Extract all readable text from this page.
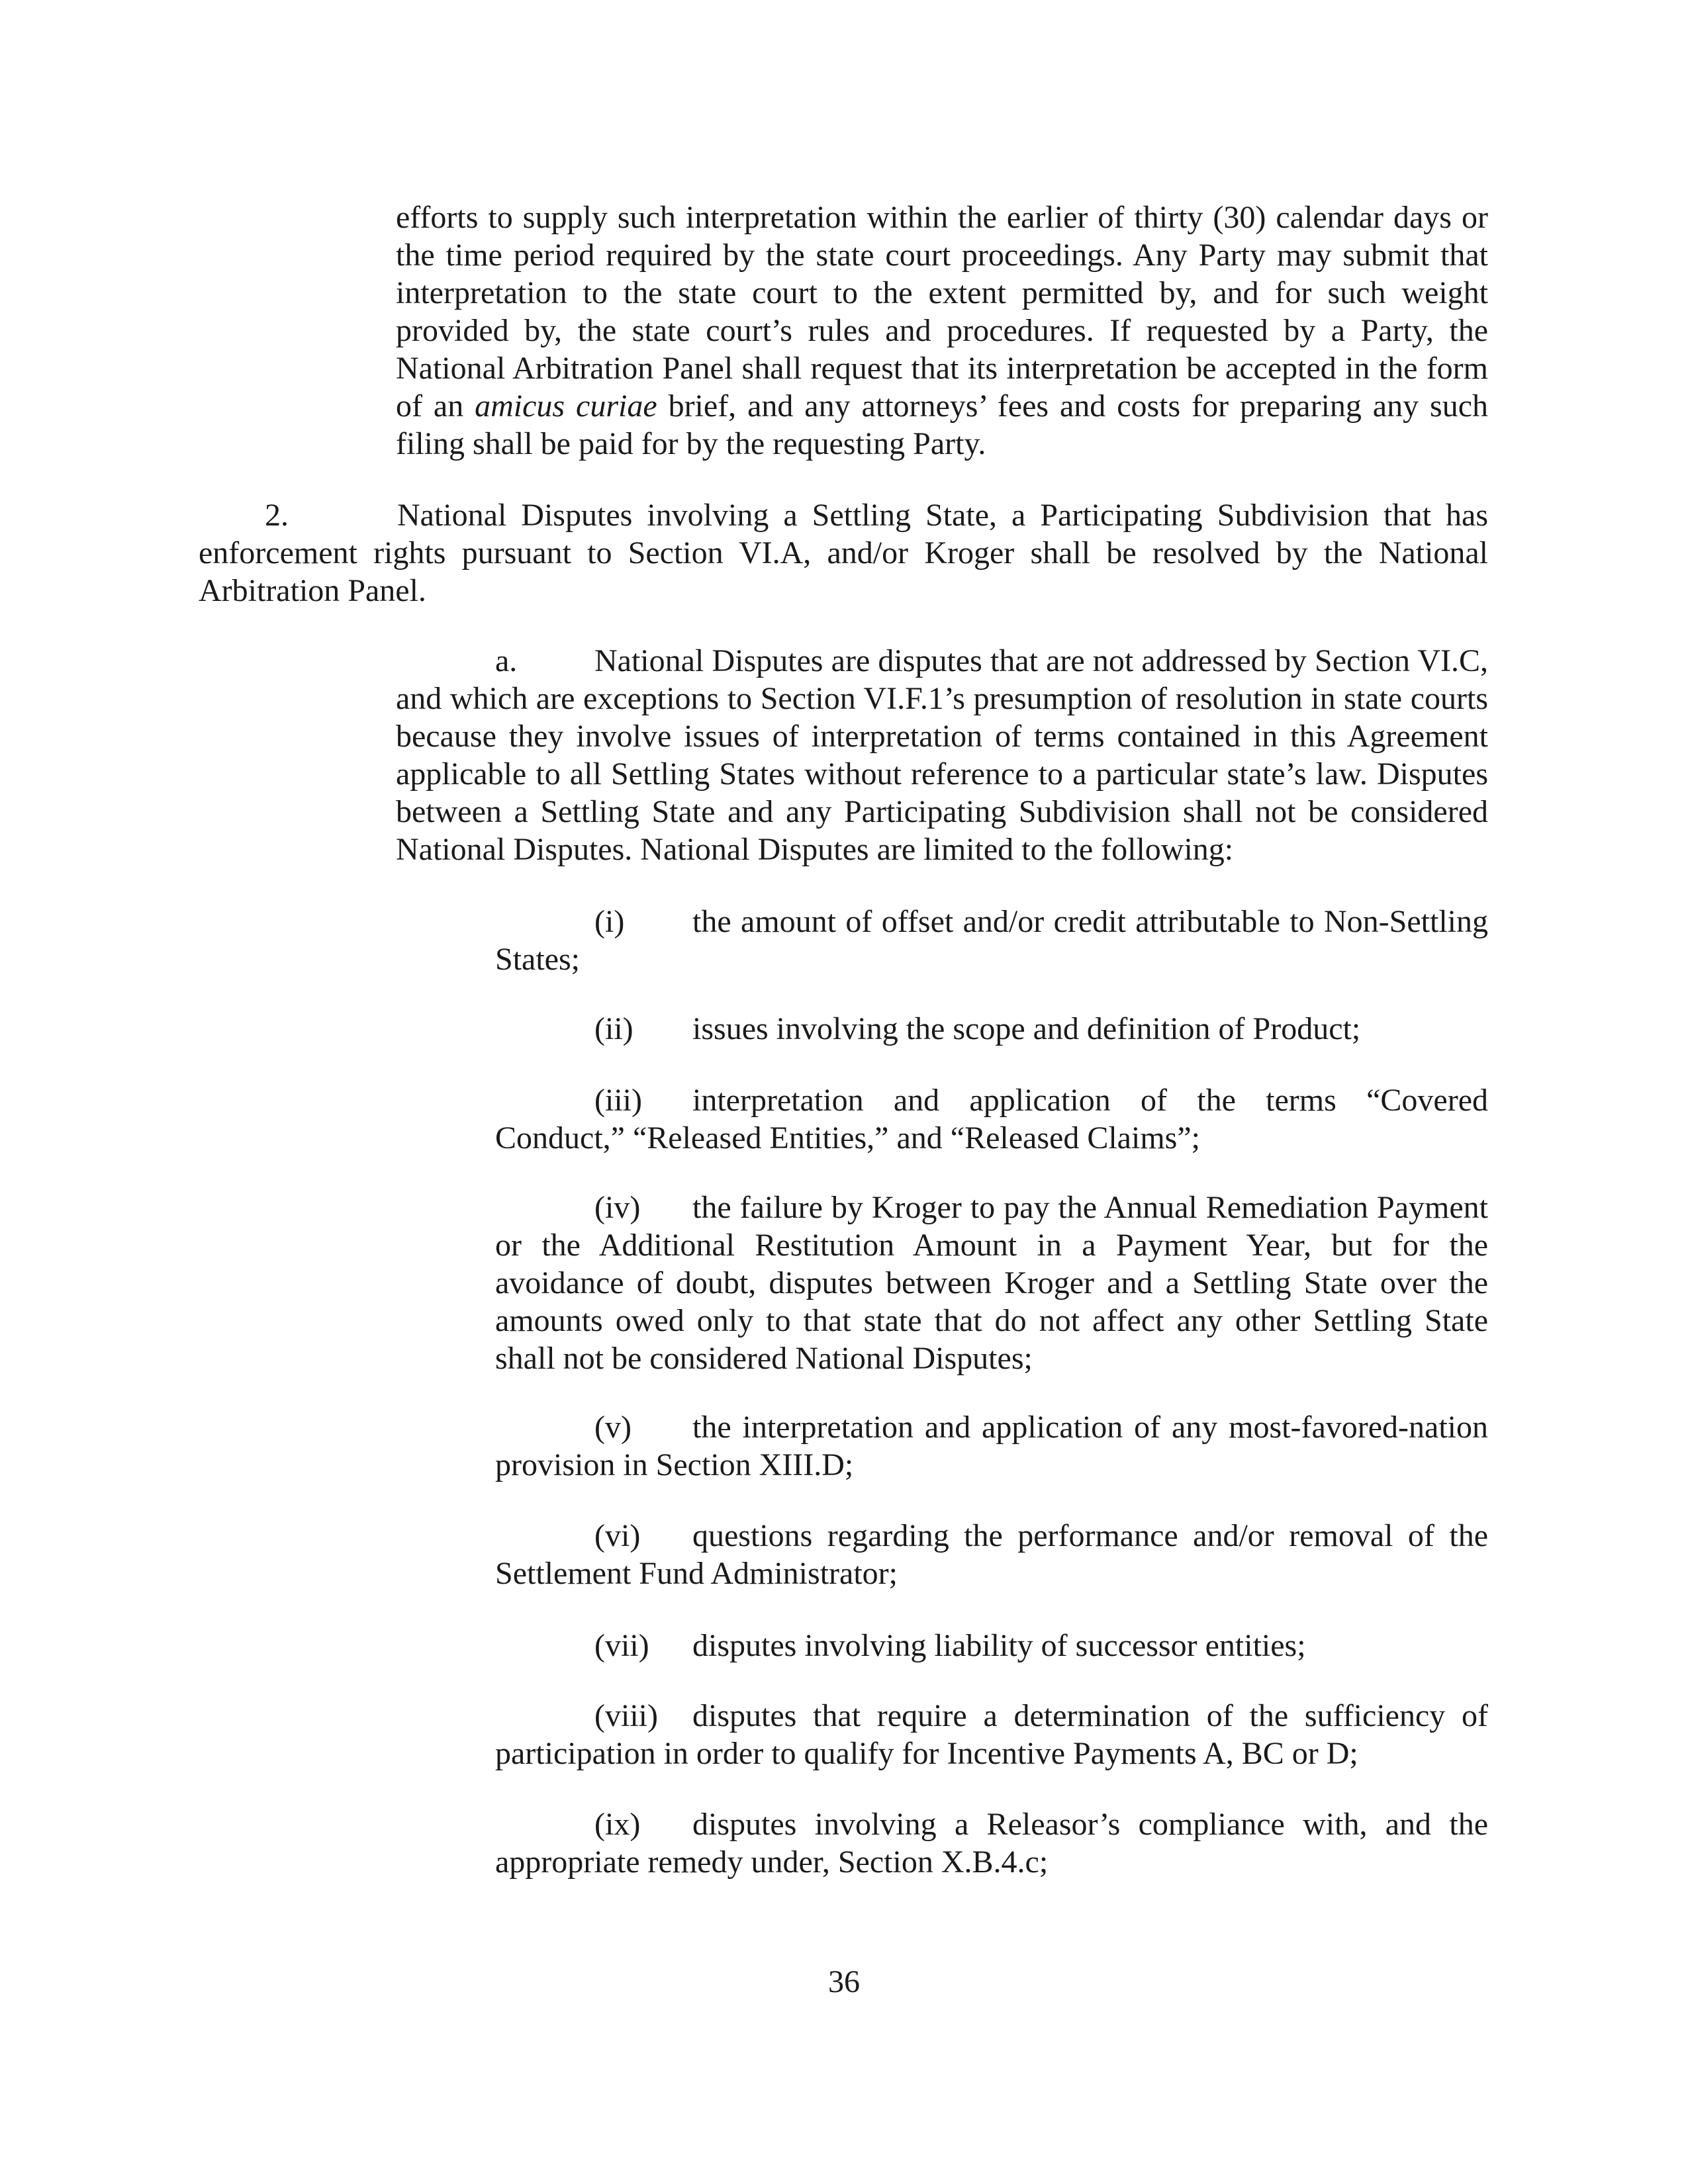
efforts to supply such interpretation within the earlier of thirty (30) calendar days or the time period required by the state court proceedings. Any Party may submit that interpretation to the state court to the extent permitted by, and for such weight provided by, the state court’s rules and procedures. If requested by a Party, the National Arbitration Panel shall request that its interpretation be accepted in the form of an amicus curiae brief, and any attorneys’ fees and costs for preparing any such filing shall be paid for by the requesting Party.

2.	National Disputes involving a Settling State, a Participating Subdivision that has enforcement rights pursuant to Section VI.A, and/or Kroger shall be resolved by the National Arbitration Panel.

a. National Disputes are disputes that are not addressed by Section VI.C, and which are exceptions to Section VI.F.1’s presumption of resolution in state courts because they involve issues of interpretation of terms contained in this Agreement applicable to all Settling States without reference to a particular state’s law. Disputes between a Settling State and any Participating Subdivision shall not be considered National Disputes. National Disputes are limited to the following:

(i) the amount of offset and/or credit attributable to Non-Settling States;
(ii) issues involving the scope and definition of Product;
(iii) interpretation and application of the terms “Covered Conduct,” “Released Entities,” and “Released Claims”;
(iv) the failure by Kroger to pay the Annual Remediation Payment or the Additional Restitution Amount in a Payment Year, but for the avoidance of doubt, disputes between Kroger and a Settling State over the amounts owed only to that state that do not affect any other Settling State shall not be considered National Disputes;
(v) the interpretation and application of any most-favored-nation provision in Section XIII.D;
(vi) questions regarding the performance and/or removal of the Settlement Fund Administrator;
(vii) disputes involving liability of successor entities;
(viii) disputes that require a determination of the sufficiency of participation in order to qualify for Incentive Payments A, BC or D;
(ix) disputes involving a Releasor’s compliance with, and the appropriate remedy under, Section X.B.4.c;
36
